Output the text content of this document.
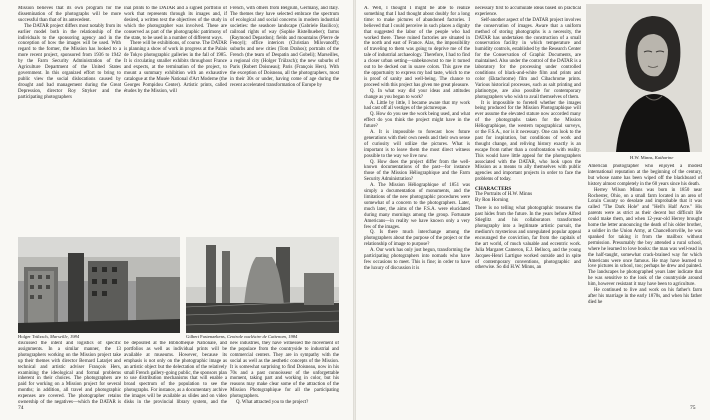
Mission believes that its own program for the dissemination of the photographs will be more successful than that of its antecedent.

The DATAR project differs most notably from its earlier model both in the relationship of the individuals to the sponsoring agency and in the conception of how the images will be used. With regard to the former, the Mission has looked to a more recent project, sponsored from 1936 to 1942 by the Farm Security Administration of the Agriculture Department of the United States government. In this organized effort to bring to public view the social dislocations caused by drought and bad management during the Great Depression, director Roy Stryker and the participating photographers

inal prints to the DATAR and a signed portfolio of work that represents through its images and, if desired, a written text the objectives of the study in which the photographer was involved. These are conserved as part of the photographic patrimony of the state, to be used in a number of different ways.

There will be exhibitions, of course. The DATAR is planning a show of work in progress at the Palais de Tokyo photographic galleries in the fall of 1985. It is circulating smaller exhibits throughout France and expects, at the termination of the project, to mount a summary exhibition with an exhaustive catalogue at the Musée National d'Art Moderne (the Georges Pompidou Center). Artistic prints, called études by the Mission, will

French, with others from Belgium, Germany, and Italy. The themes they have selected embrace the spectrum of ecological and social concerns in modern industrial societies: the seashore landscape (Gabriele Basilico); railroad rights of way (Sophie Ristelhueber); farms (Raymond Depardon); fields and mountains (Pierre de Fenoyl); office interiors (Christian Milovanoff); suburbs and new cities (Tom Drahos); portraits of the French (the team of Despatin and Gobeli); Marseilles, a regional city (Holger Trülzsch); the new suburbs of Paris (Robert Doisneau); Paris (François Hers). With the exception of Doisneau, all the photographers, most in their 30s or under, having come of age during the recent accelerated transformation of Europe by

Holger Trülzsch, Marseille, 1984	Gilbert Fastenaekens, Centrale nucléaire de Cattenom, 1984

discussed the intent and logistics of specific assignments. In a similar manner, the 13 photographers working on the Mission project take up their themes with director Bernard Latarjet and technical and artistic adviser François Hers, examining the ideological and formal problems inherent in their choices. The photographers are paid for working on a Mission project for several months; in addition, all travel and photographic expenses are covered. The photographer retains ownership of the negatives—which the DATAR is

be deposited at the Bibliothèque Nationale, and portfolios as well as individual prints will be available at museums. However, because its emphasis is not only on the photographic image as an artistic object but the delectation of the relatively small French gallery-going public, the sponsors plan to use distribution mechanisms that will enable a broad spectrum of the population to see the photographs. For instance, as a documentary archive the images will be available as slides and on video disks in the provincial library system, and the

new industries, they have witnessed the movement of the populace from the countryside to industrial and commercial centers. They are in sympathy with the social as well as the aesthetic concepts of the Mission. It is somewhat surprising to find Doisneau, now in his 70s and a past connoisseur of the unforgettable moment, taking part and working in color, but his reasons may make clear some of the attraction of the Mission Photographique for all the participating photographers.

Q. What attracted you to the project?

74

A. Well, I thought I might be able to realize something that I had thought about doubly for a long time: to make pictures of abandoned factories. I believed that I could perceive in such places a dignity that suggested the labor of the people who had worked there. These ruined factories are situated in the north and east of France. Alas, the impossibility of traveling to them was going to deprive me of the tale of industrial archaeology. Therefore, I had to find a closer urban setting—unbeknownst to me it turned out to be decked out in suave colors. This gave me the opportunity to express my bad taste, which to me is proof of sanity and well-being. The chance to proceed with this project has given me great pleasure.

Q. In what way did your ideas and attitudes change as you began to work?

A. Little by little, I became aware that my work had cast off all vestiges of the picturesque.

Q. How do you see the work being used, and what effect do you think the project might have in the future?

A. It is impossible to forecast how future generations with their own needs and their own sense of curiosity will utilize the pictures. What is important is to leave them the most direct witness possible to the way we live now.

Q. How does the project differ from the well-known documentations of the past—for instance those of the Mission Héliographique and the Farm Security Administration?

A. The Mission Héliographique of 1851 was simply a documentation of monuments, and the limitations of the new photographic procedures were somewhat of a concern to the photographers. Later, much later, the aims of the F.S.A. were elucidated during many mornings among the group. Fortunate Americans—in reality we have known only a very few of the images.

Q. Is there much interchange among the photographers about the purpose of the project or the relationship of image to purpose?

A. Our work has only just begun, transforming the participating photographers into nomads who have few occasions to meet. This is fine; in order to have the luxury of discussion it is

necessary first to accumulate ideas based on practical experience.

Self-another aspect of the DATAR project involves the conservation of images. Aware that a uniform method of storing photographs is a necessity, the DATAR has undertaken the construction of a small conservation facility in which temperature and humidity controls, established by the Research Center for the Conservation of Graphic Documents, are maintained. Also under the control of the DATAR is a laboratory for the processing under controlled conditions of black-and-white film and prints and color (Ektachrome) film and Cibachrome prints. Various historical processes, such as salt printing and platinotype, are also possible for contemporary photographers who wish to avail themselves of them.

It is impossible to foretell whether the images being produced for the Mission Photographique will ever assume the elevated stature now accorded many of the photographs taken for the Mission Héliographique, the western topographical surveys, or the F.S.A., nor is it necessary. One can look to the past for inspiration, but conditions of work and thought change, and reliving history exactly is an escape from rather than a confrontation with reality. This would have little appeal for the photographers associated with the DATAR, who look upon the Mission as a means to ally themselves with public agencies and important projects in order to face the problems of today.

CHARACTERS
The Portraits of H.W. Minns
By Ron Horning

There is no telling what photographic treasures the past hides from the future. In the years before Alfred Stieglitz and his collaborators transformed photography into a legitimate artistic pursuit, the medium's mysterious and unregulated popular appeal encouraged the conviction, far from the capitals of the art world, of much valuable and eccentric work. Julia Margaret Cameron, E.J. Bellocq, and the young Jacques-Henri Lartigue worked outside and in spite of contemporary conventions, photographic and otherwise. So did H.W. Minns, an

H.W. Minns, Katharine

American photographer who enjoyed a modest international reputation at the beginning of the century, but whose name has been wiped off the blackboard of history almost completely in the 60 years since his death.

Herrey Wilson Minns was born in 1850 near Rochester, Ohio, on a small farm located in an area of Lorain County so desolate and improbable that it was called "The Dark Hole" and "Hell's Half Acre." His parents were as strict as their decent but difficult life could make them, and when 12-year-old Herrey brought home the letter announcing the death of his older brother, a soldier in the Union Army, at Chancellorsville, he was spanked for taking it from the mailbox without permission. Presumably the boy attended a rural school, where he learned to love books: the man was well-read in the half-taught, somewhat crack-brained way for which Americans were once famous. He may have learned to love pictures in school, too; perhaps he drew and painted. The landscapes he photographed years later indicate that he was sensitive to the look of the countryside around him, however resistant it may have been to agriculture.

He continued to live and work on his father's farm after his marriage in the early 1870s, and when his father died he

75
